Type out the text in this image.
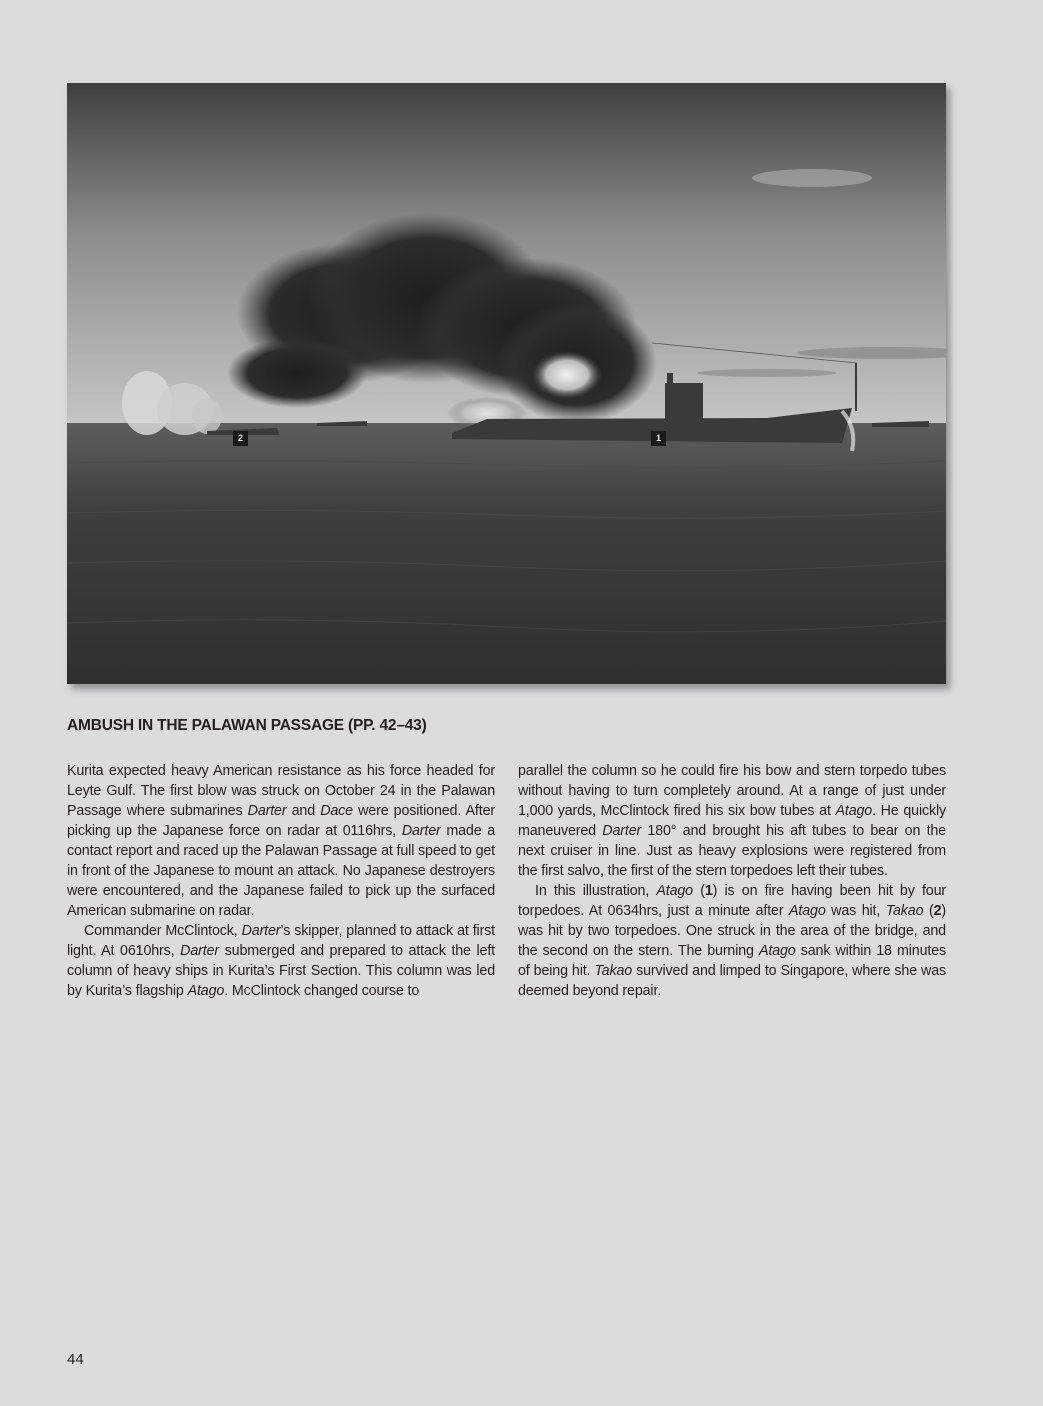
1
2
AMBUSH IN THE PALAWAN PASSAGE (PP. 42–43)

Kurita expected heavy American resistance as his force headed for Leyte Gulf. The first blow was struck on October 24 in the Palawan Passage where submarines Darter and Dace were positioned. After picking up the Japanese force on radar at 0116hrs, Darter made a contact report and raced up the Palawan Passage at full speed to get in front of the Japanese to mount an attack. No Japanese destroyers were encountered, and the Japanese failed to pick up the surfaced American submarine on radar.

Commander McClintock, Darter’s skipper, planned to attack at first light. At 0610hrs, Darter submerged and prepared to attack the left column of heavy ships in Kurita’s First Section. This column was led by Kurita’s flagship Atago. McClintock changed course to

parallel the column so he could fire his bow and stern torpedo tubes without having to turn completely around. At a range of just under 1,000 yards, McClintock fired his six bow tubes at Atago. He quickly maneuvered Darter 180° and brought his aft tubes to bear on the next cruiser in line. Just as heavy explosions were registered from the first salvo, the first of the stern torpedoes left their tubes.

In this illustration, Atago (1) is on fire having been hit by four torpedoes. At 0634hrs, just a minute after Atago was hit, Takao (2) was hit by two torpedoes. One struck in the area of the bridge, and the second on the stern. The burning Atago sank within 18 minutes of being hit. Takao survived and limped to Singapore, where she was deemed beyond repair.

44
